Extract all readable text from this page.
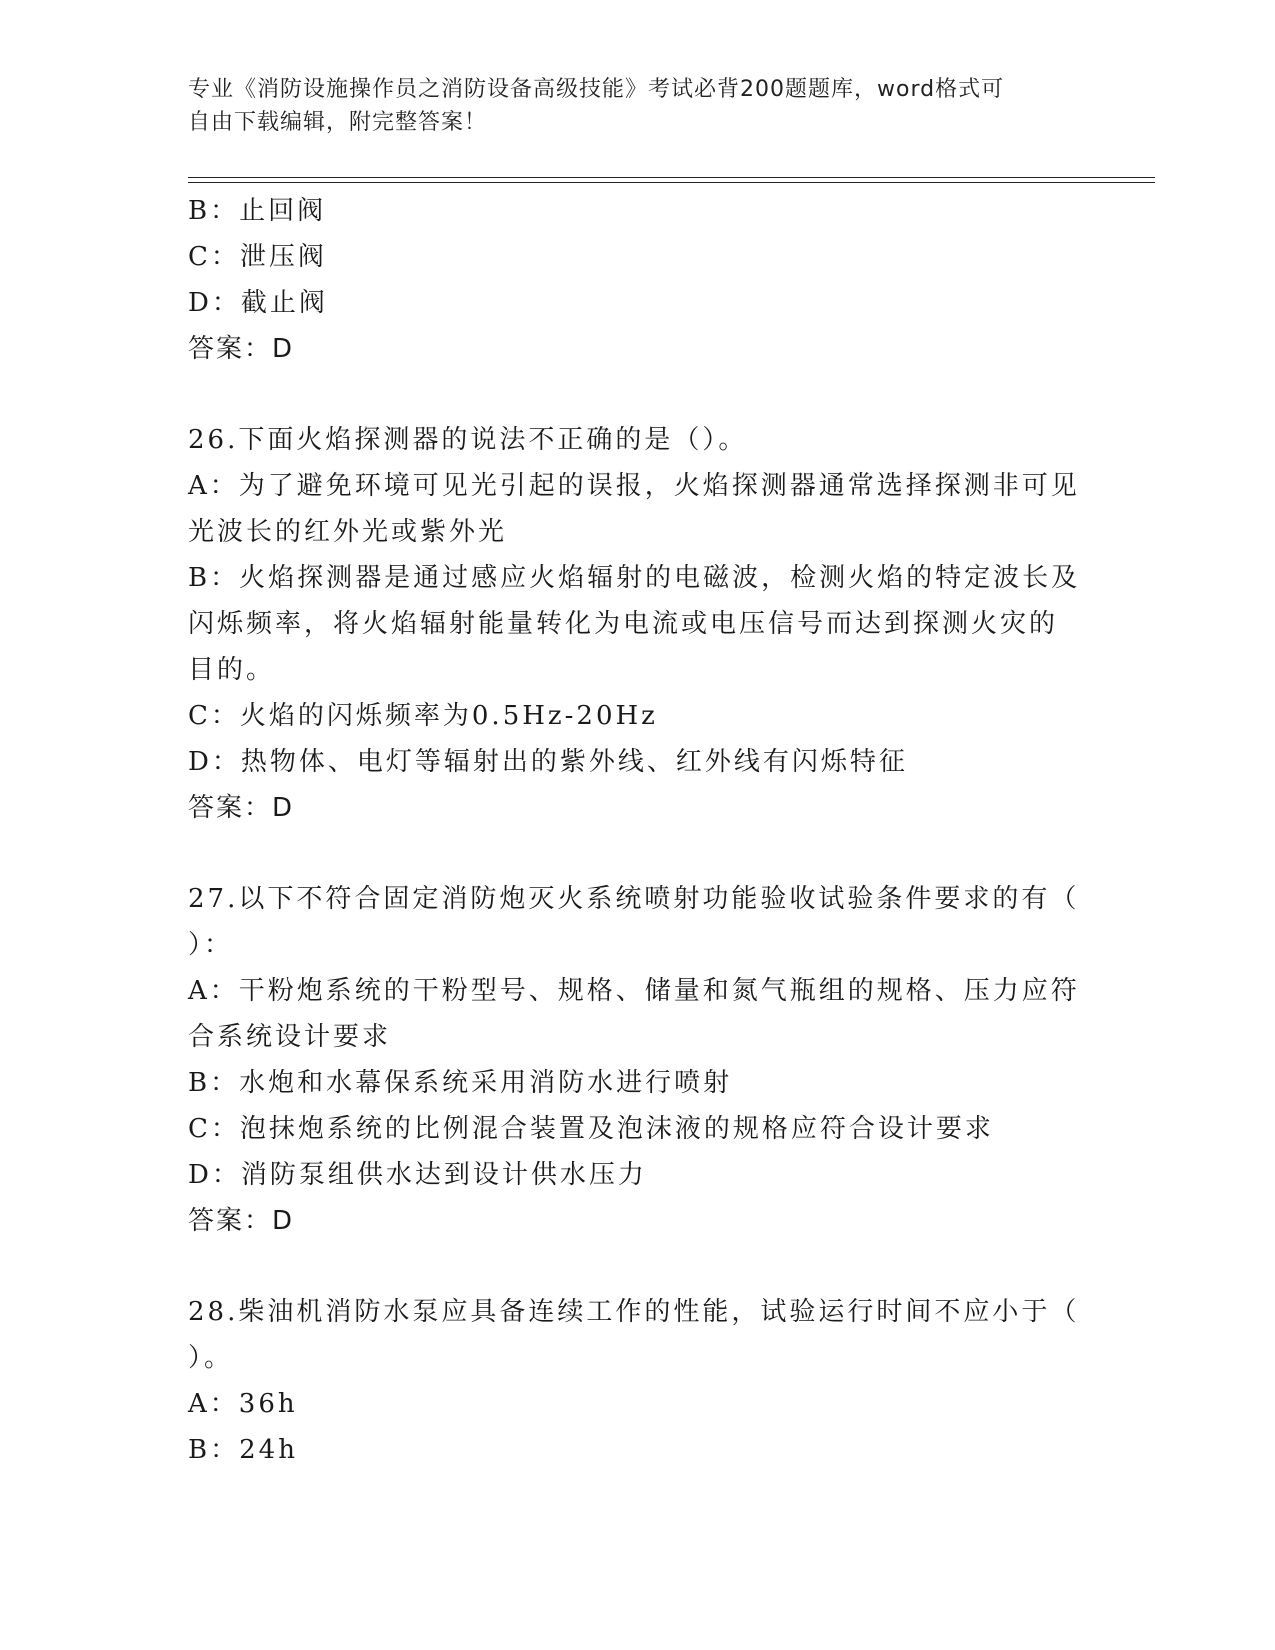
专业《消防设施操作员之消防设备高级技能》考试必背200题题库，word格式可
自由下载编辑，附完整答案！
B：止回阀
C：泄压阀
D：截止阀
答案：D
26.下面火焰探测器的说法不正确的是（）。
A：为了避免环境可见光引起的误报，火焰探测器通常选择探测非可见
光波长的红外光或紫外光
B：火焰探测器是通过感应火焰辐射的电磁波，检测火焰的特定波长及
闪烁频率，将火焰辐射能量转化为电流或电压信号而达到探测火灾的
目的。
C：火焰的闪烁频率为0.5Hz-20Hz
D：热物体、电灯等辐射出的紫外线、红外线有闪烁特征
答案：D
27.以下不符合固定消防炮灭火系统喷射功能验收试验条件要求的有（
）：
A：干粉炮系统的干粉型号、规格、储量和氮气瓶组的规格、压力应符
合系统设计要求
B：水炮和水幕保系统采用消防水进行喷射
C：泡抹炮系统的比例混合装置及泡沫液的规格应符合设计要求
D：消防泵组供水达到设计供水压力
答案：D
28.柴油机消防水泵应具备连续工作的性能，试验运行时间不应小于（
）。
A：36h
B：24h
